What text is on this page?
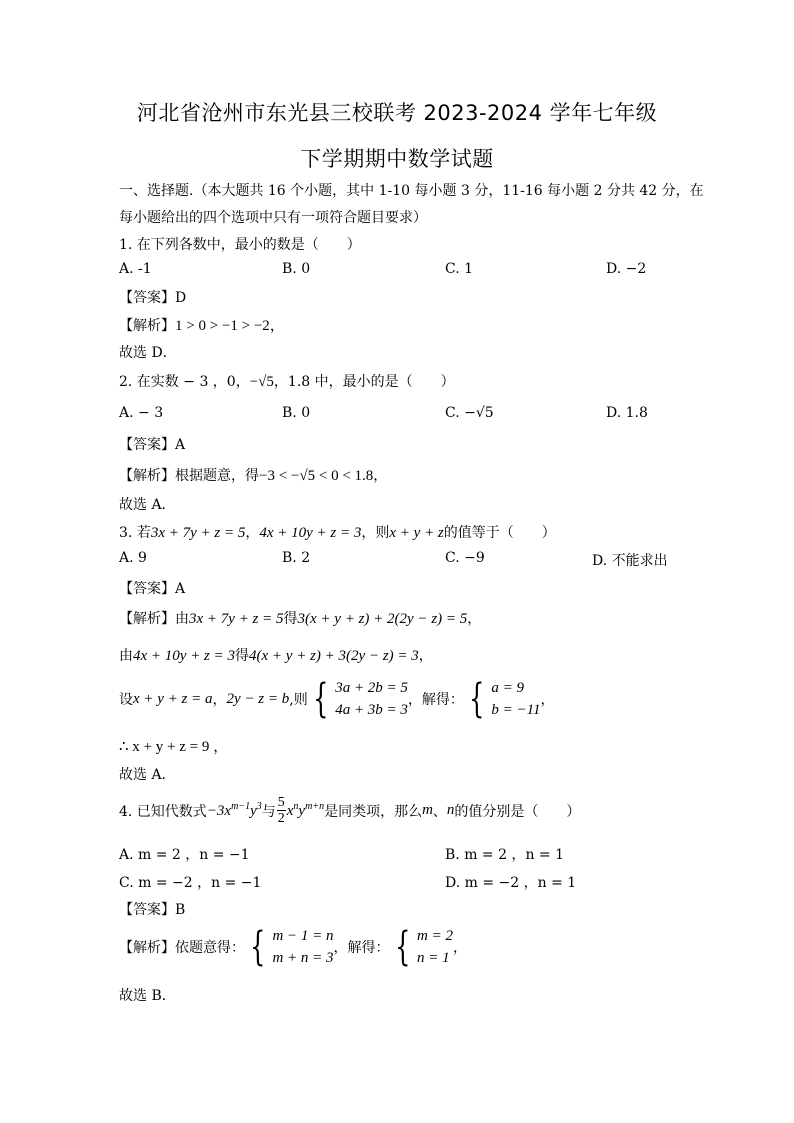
河北省沧州市东光县三校联考 2023-2024 学年七年级
下学期期中数学试题
一、选择题.（本大题共 16 个小题，其中 1-10 每小题 3 分，11-16 每小题 2 分共 42 分，在
每小题给出的四个选项中只有一项符合题目要求）
1. 在下列各数中，最小的数是（　　）
A. -1	B. 0	C. 1	D. −2
【答案】D
【解析】1 > 0 > −1 > −2，
故选 D．
2. 在实数 − 3 ，0，−√5，1.8 中，最小的是（　　）
A. − 3	B. 0	C. −√5	D. 1.8
【答案】A
【解析】根据题意，得−3 < −√5 < 0 < 1.8，
故选 A．
3. 若3x + 7y + z = 5，4x + 10y + z = 3，则x + y + z的值等于（　　）
A. 9	B. 2	C. −9	D. 不能求出
【答案】A
【解析】由3x + 7y + z = 5得3(x + y + z) + 2(2y − z) = 5，
由4x + 10y + z = 3得4(x + y + z) + 3(2y − z) = 3，
设 x + y + z = a ， 2y − z = b ,则 { 3a + 2b = 5
4a + 3b = 3
，解得： { a = 9
b = −11
，
∴ x + y + z = 9 ，
故选 A．
4. 已知代数式 $-3x^{m-1}y^3$ 与 $\frac{5}{2} x^ny^{m+n}$ 是同类项，那么 m 、 n 的值分别是（　　）
A. m = 2 ，n = −1	B. m = 2 ，n = 1
C. m = −2 ，n = −1	D. m = −2 ，n = 1
【答案】B
【解析】 依题意得： { m − 1 = n
m + n = 3
，解得： { m = 2
n = 1
，
故选 B．
